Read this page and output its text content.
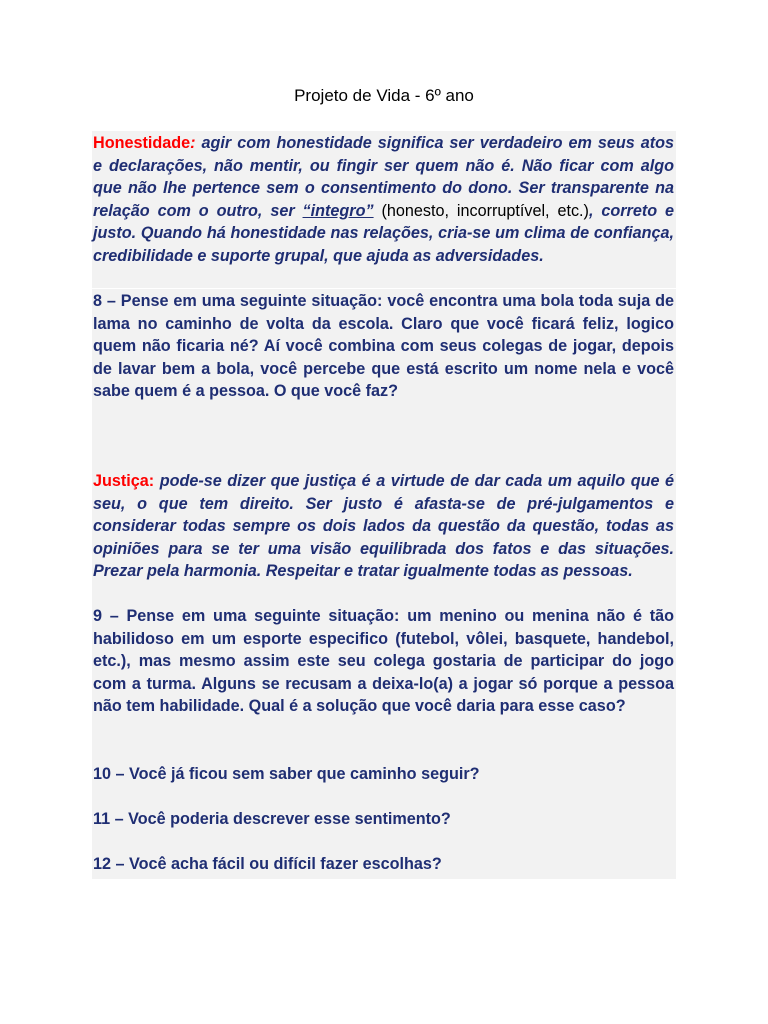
Projeto de Vida - 6º ano

Honestidade: agir com honestidade significa ser verdadeiro em seus atos e declarações, não mentir, ou fingir ser quem não é. Não ficar com algo que não lhe pertence sem o consentimento do dono. Ser transparente na relação com o outro, ser “integro” (honesto, incorruptível, etc.), correto e justo. Quando há honestidade nas relações, cria-se um clima de confiança, credibilidade e suporte grupal, que ajuda as adversidades.

8 – Pense em uma seguinte situação: você encontra uma bola toda suja de lama no caminho de volta da escola. Claro que você ficará feliz, logico quem não ficaria né? Aí você combina com seus colegas de jogar, depois de lavar bem a bola, você percebe que está escrito um nome nela e você sabe quem é a pessoa. O que você faz?

Justiça: pode-se dizer que justiça é a virtude de dar cada um aquilo que é seu, o que tem direito. Ser justo é afasta-se de pré-julgamentos e considerar todas sempre os dois lados da questão da questão, todas as opiniões para se ter uma visão equilibrada dos fatos e das situações. Prezar pela harmonia. Respeitar e tratar igualmente todas as pessoas.

9 – Pense em uma seguinte situação: um menino ou menina não é tão habilidoso em um esporte especifico (futebol, vôlei, basquete, handebol, etc.), mas mesmo assim este seu colega gostaria de participar do jogo com a turma. Alguns se recusam a deixa-lo(a) a jogar só porque a pessoa não tem habilidade. Qual é a solução que você daria para esse caso?

10 – Você já ficou sem saber que caminho seguir?

11 – Você poderia descrever esse sentimento?

12 – Você acha fácil ou difícil fazer escolhas?
